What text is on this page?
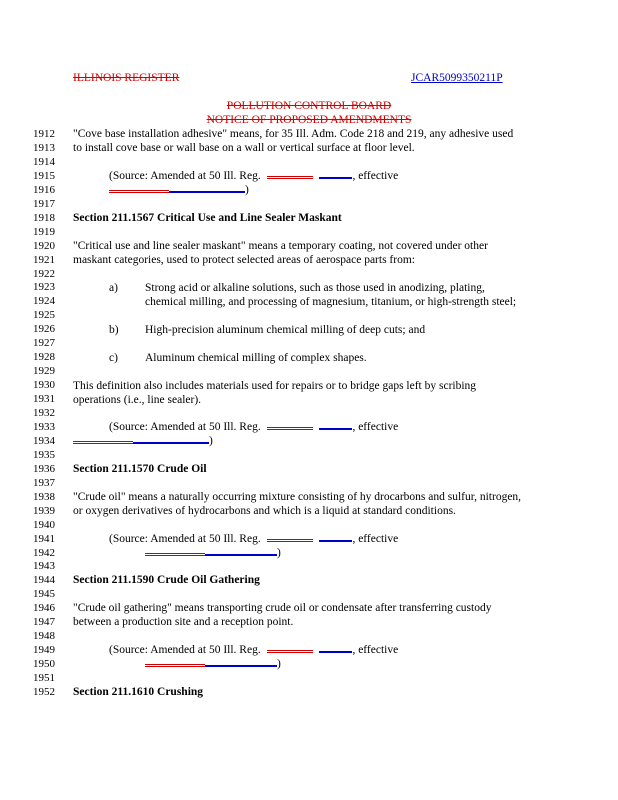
ILLINOIS REGISTER	JCAR5099350211P
POLLUTION CONTROL BOARD
NOTICE OF PROPOSED AMENDMENTS
1912
1913
1914
1915
1916
1917
1918
1919
1920
1921
1922
1923
1924
1925
1926
1927
1928
1929
1930
1931
1932
1933
1934
1935
1936
1937
1938
1939
1940
1941
1942
1943
1944
1945
1946
1947
1948
1949
1950
1951
1952
"Cove base installation adhesive" means, for 35 Ill. Adm. Code 218 and 219, any adhesive used
to install cove base or wall base on a wall or vertical surface at floor level.
(Source: Amended at 50 Ill. Reg.	, effective
)
Section 211.1567 Critical Use and Line Sealer Maskant
"Critical use and line sealer maskant" means a temporary coating, not covered under other
maskant categories, used to protect selected areas of aerospace parts from:
a) Strong acid or alkaline solutions, such as those used in anodizing, plating,
chemical milling, and processing of magnesium, titanium, or high-strength steel;
b) High-precision aluminum chemical milling of deep cuts; and
c) Aluminum chemical milling of complex shapes.
This definition also includes materials used for repairs or to bridge gaps left by scribing
operations (i.e., line sealer).
(Source: Amended at 50 Ill. Reg.	, effective
)
Section 211.1570 Crude Oil
"Crude oil" means a naturally occurring mixture consisting of hy drocarbons and sulfur, nitrogen,
or oxygen derivatives of hydrocarbons and which is a liquid at standard conditions.
(Source: Amended at 50 Ill. Reg.	, effective
)
Section 211.1590 Crude Oil Gathering
"Crude oil gathering" means transporting crude oil or condensate after transferring custody
between a production site and a reception point.
(Source: Amended at 50 Ill. Reg.	, effective
)
Section 211.1610 Crushing
